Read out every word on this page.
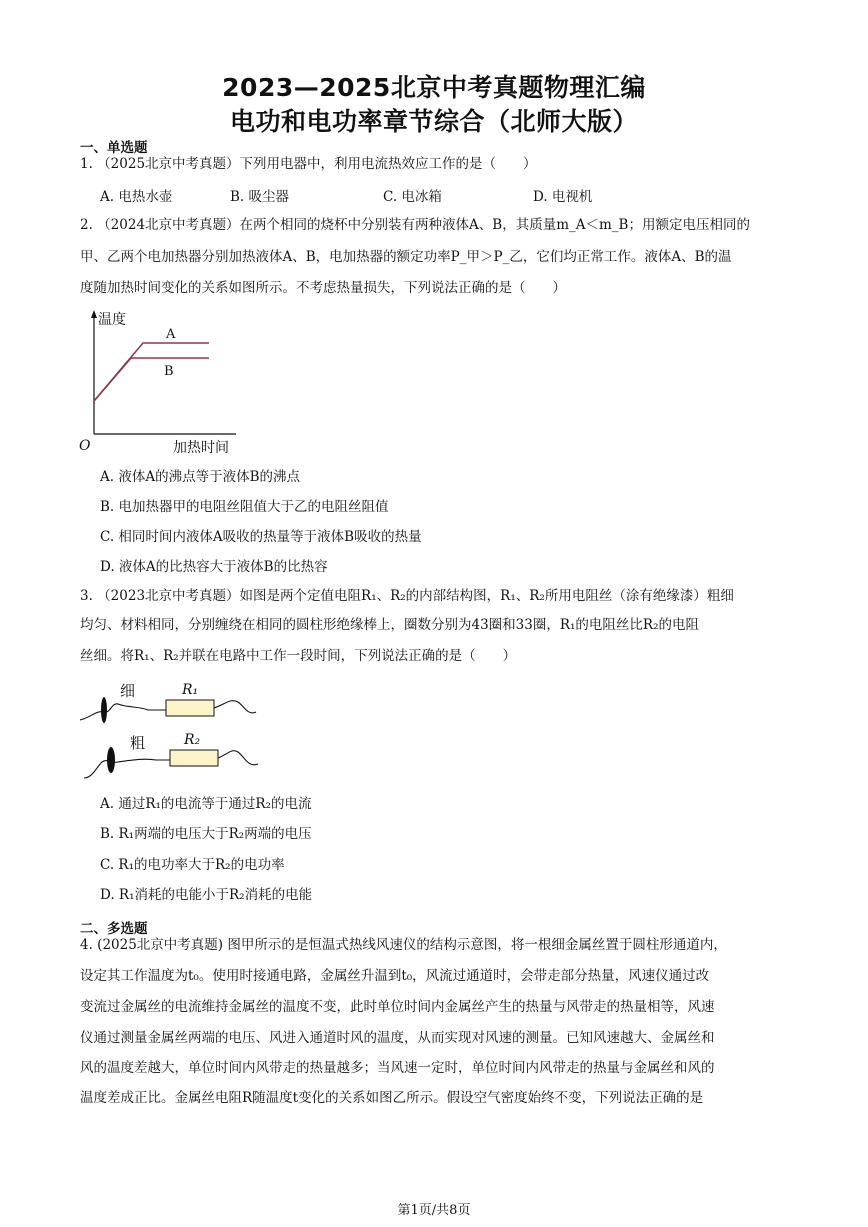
2023—2025北京中考真题物理汇编
电功和电功率章节综合（北师大版）
一、单选题
1. （2025北京中考真题）下列用电器中，利用电流热效应工作的是（　　）
A. 电热水壶	B. 吸尘器	C. 电冰箱	D. 电视机
2. （2024北京中考真题）在两个相同的烧杯中分别装有两种液体A、B，其质量m_A＜m_B；用额定电压相同的
甲、乙两个电加热器分别加热液体A、B，电加热器的额定功率P_甲＞P_乙，它们均正常工作。液体A、B的温
度随加热时间变化的关系如图所示。不考虑热量损失，下列说法正确的是（　　）
温度
A
B
O	加热时间
A. 液体A的沸点等于液体B的沸点
B. 电加热器甲的电阻丝阻值大于乙的电阻丝阻值
C. 相同时间内液体A吸收的热量等于液体B吸收的热量
D. 液体A的比热容大于液体B的比热容
3. （2023北京中考真题）如图是两个定值电阻R₁、R₂的内部结构图，R₁、R₂所用电阻丝（涂有绝缘漆）粗细
均匀、材料相同，分别缠绕在相同的圆柱形绝缘棒上，圈数分别为43圈和33圈，R₁的电阻丝比R₂的电阻
丝细。将R₁、R₂并联在电路中工作一段时间，下列说法正确的是（　　）
细	R₁
粗	R₂
A. 通过R₁的电流等于通过R₂的电流
B. R₁两端的电压大于R₂两端的电压
C. R₁的电功率大于R₂的电功率
D. R₁消耗的电能小于R₂消耗的电能
二、多选题
4. (2025北京中考真题) 图甲所示的是恒温式热线风速仪的结构示意图，将一根细金属丝置于圆柱形通道内，
设定其工作温度为t₀。使用时接通电路，金属丝升温到t₀，风流过通道时，会带走部分热量，风速仪通过改
变流过金属丝的电流维持金属丝的温度不变，此时单位时间内金属丝产生的热量与风带走的热量相等，风速
仪通过测量金属丝两端的电压、风进入通道时风的温度，从而实现对风速的测量。已知风速越大、金属丝和
风的温度差越大，单位时间内风带走的热量越多；当风速一定时，单位时间内风带走的热量与金属丝和风的
温度差成正比。金属丝电阻R随温度t变化的关系如图乙所示。假设空气密度始终不变，下列说法正确的是
第1页/共8页
